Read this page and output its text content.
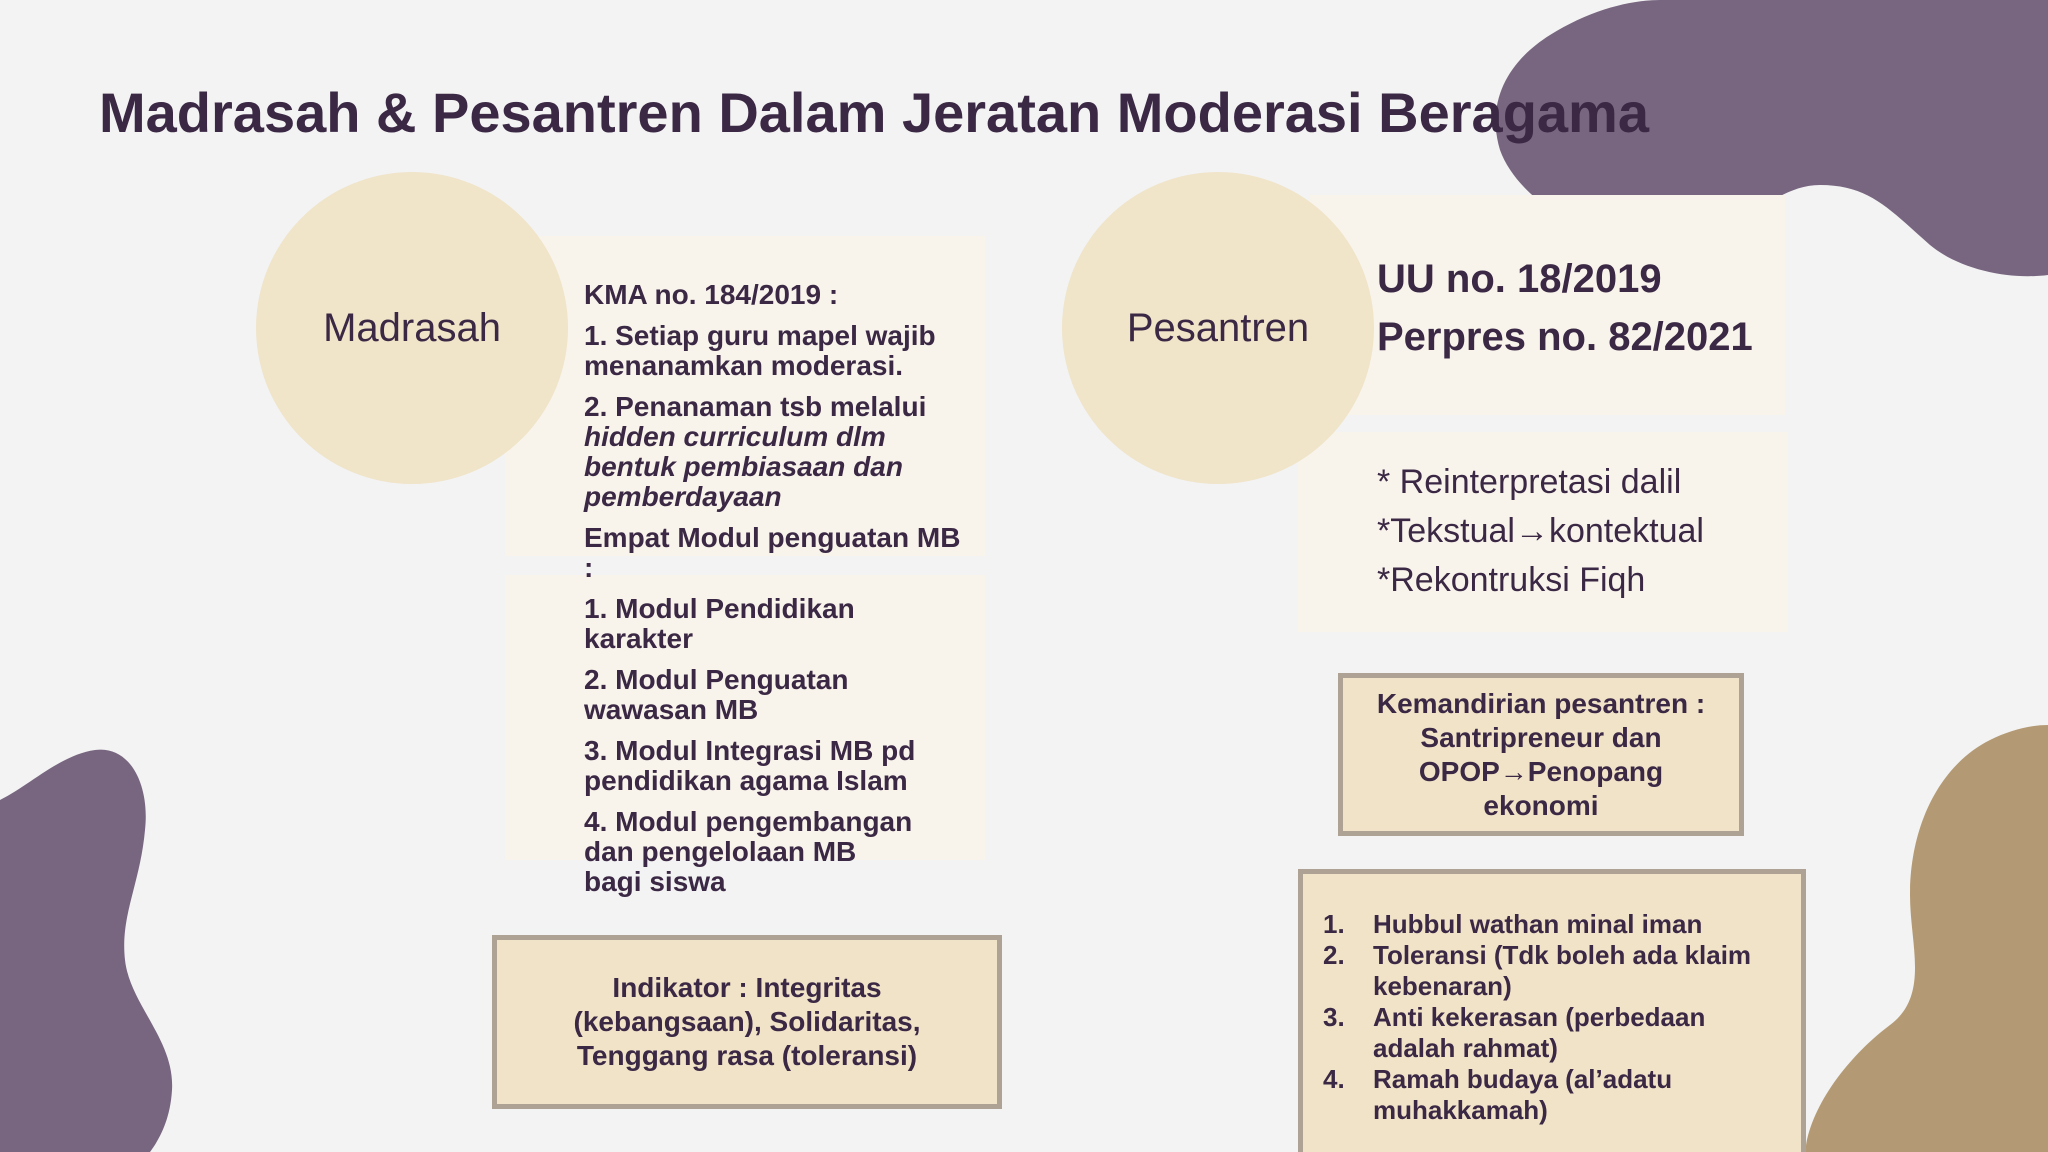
Madrasah & Pesantren Dalam Jeratan Moderasi Beragama
Madrasah

KMA no. 184/2019 :

1. Setiap guru mapel wajib menanamkan moderasi.

2. Penanaman tsb melalui hidden curriculum dlm bentuk pembiasaan dan pemberdayaan

Empat Modul penguatan MB :

1. Modul Pendidikan karakter

2. Modul Penguatan wawasan MB

3. Modul Integrasi MB pd pendidikan agama Islam

4. Modul pengembangan dan pengelolaan MB bagi siswa

Indikator : Integritas (kebangsaan), Solidaritas, Tenggang rasa (toleransi)
Pesantren

UU no. 18/2019

Perpres no. 82/2021

* Reinterpretasi dalil

*Tekstual→kontektual

*Rekontruksi Fiqh

Kemandirian pesantren : Santripreneur dan OPOP→Penopang ekonomi
1.	Hubbul wathan minal iman
2.	Toleransi (Tdk boleh ada klaim kebenaran)
3.	Anti kekerasan (perbedaan adalah rahmat)
4.	Ramah budaya (al’adatu muhakkamah)
